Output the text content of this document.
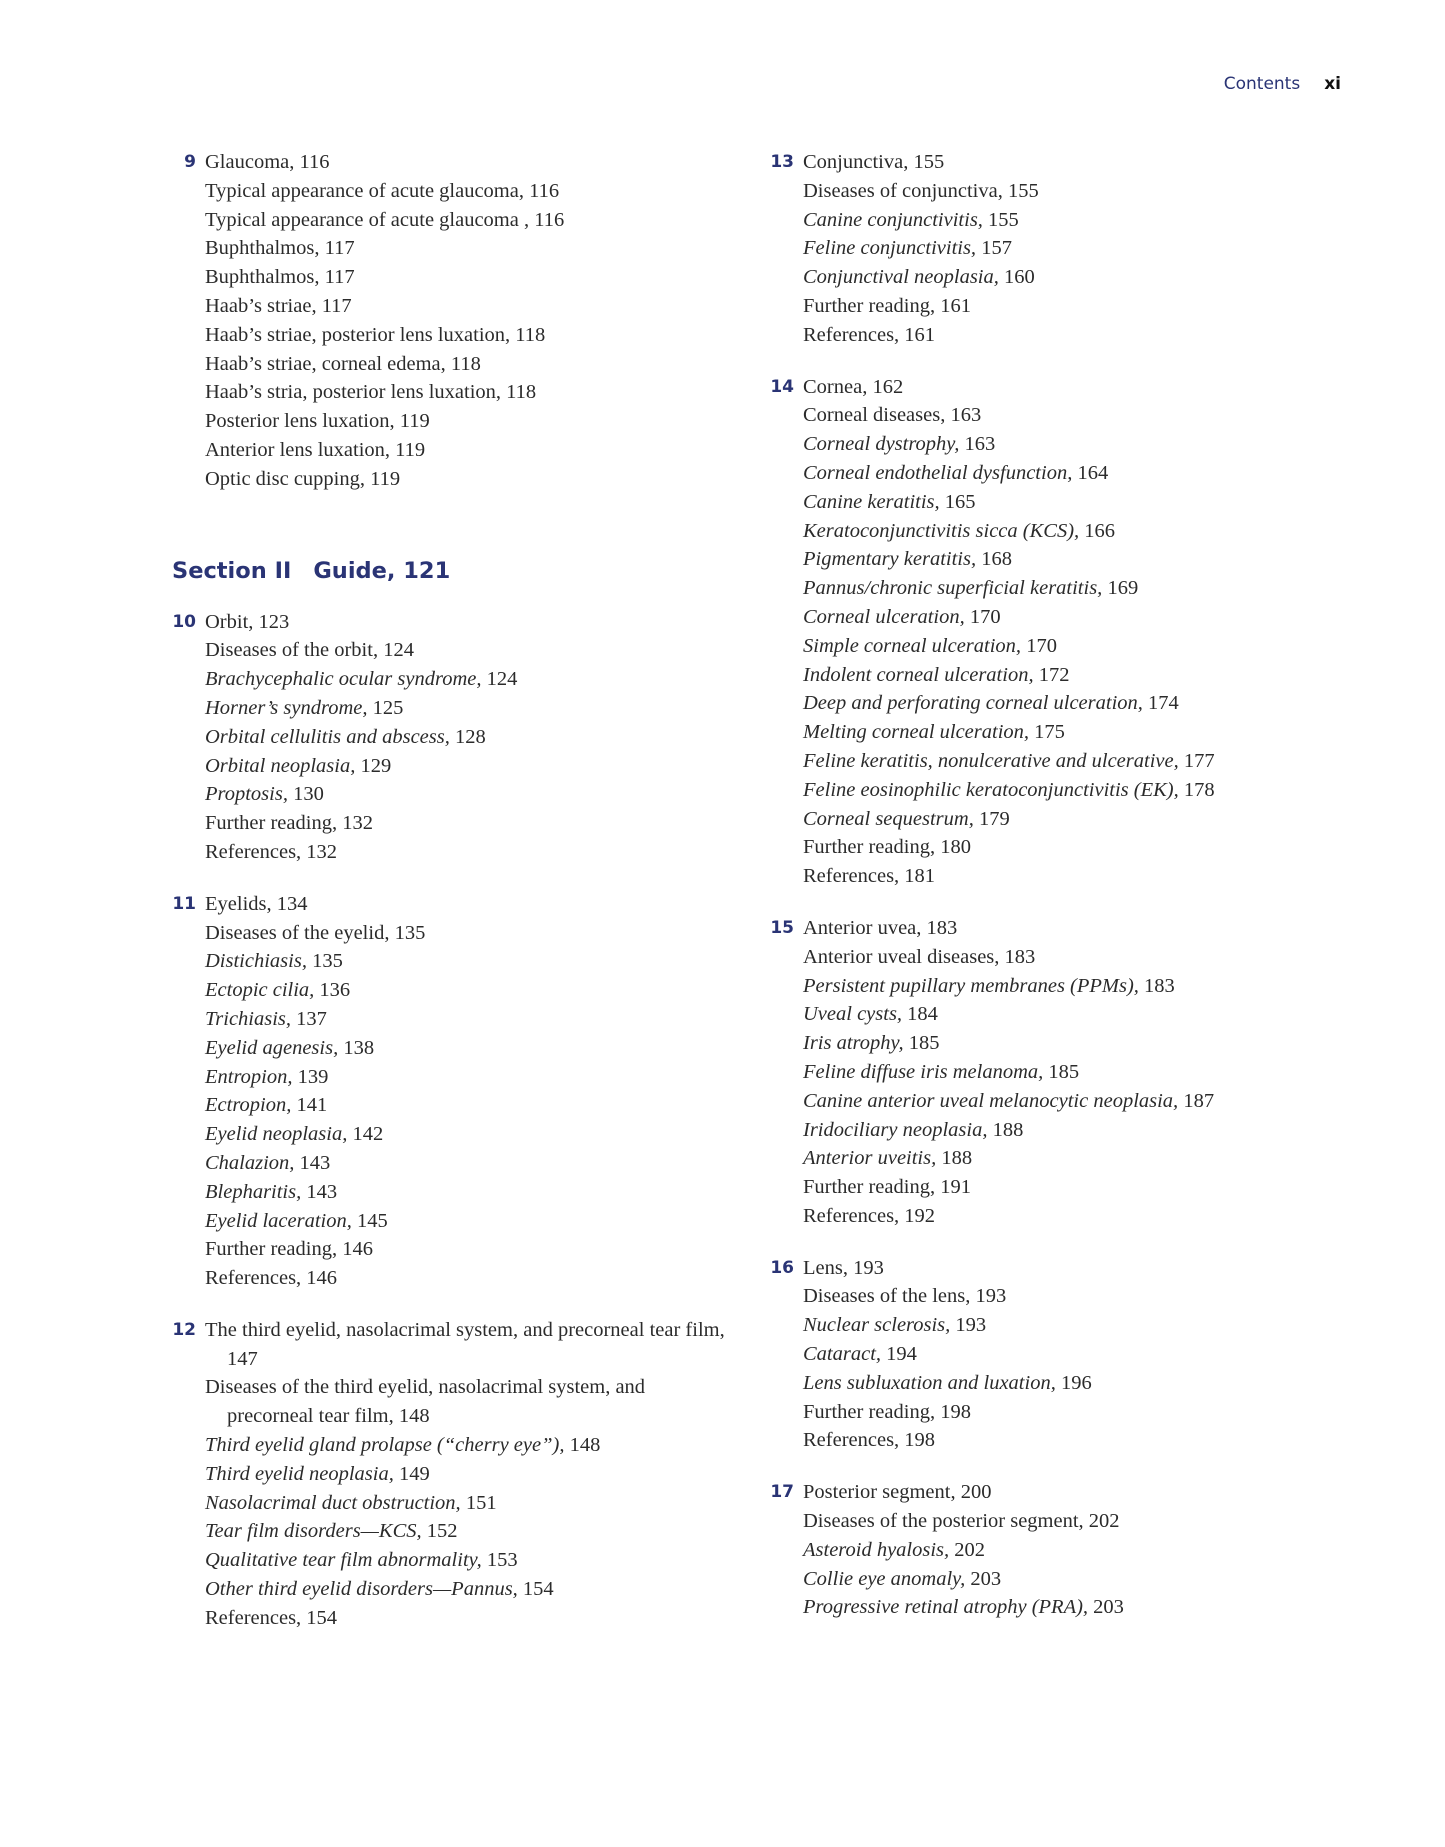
Contents xi
9 Glaucoma, 116
Typical appearance of acute glaucoma, 116
Typical appearance of acute glaucoma , 116
Buphthalmos, 117
Buphthalmos, 117
Haab’s striae, 117
Haab’s striae, posterior lens luxation, 118
Haab’s striae, corneal edema, 118
Haab’s stria, posterior lens luxation, 118
Posterior lens luxation, 119
Anterior lens luxation, 119
Optic disc cupping, 119
Section II Guide, 121
10 Orbit, 123
Diseases of the orbit, 124
Brachycephalic ocular syndrome, 124
Horner’s syndrome, 125
Orbital cellulitis and abscess, 128
Orbital neoplasia, 129
Proptosis, 130
Further reading, 132
References, 132
11 Eyelids, 134
Diseases of the eyelid, 135
Distichiasis, 135
Ectopic cilia, 136
Trichiasis, 137
Eyelid agenesis, 138
Entropion, 139
Ectropion, 141
Eyelid neoplasia, 142
Chalazion, 143
Blepharitis, 143
Eyelid laceration, 145
Further reading, 146
References, 146
12 The third eyelid, nasolacrimal system, and precorneal tear film, 147
Diseases of the third eyelid, nasolacrimal system, and precorneal tear film, 148
Third eyelid gland prolapse (“cherry eye”), 148
Third eyelid neoplasia, 149
Nasolacrimal duct obstruction, 151
Tear film disorders—KCS, 152
Qualitative tear film abnormality, 153
Other third eyelid disorders—Pannus, 154
References, 154
13 Conjunctiva, 155
Diseases of conjunctiva, 155
Canine conjunctivitis, 155
Feline conjunctivitis, 157
Conjunctival neoplasia, 160
Further reading, 161
References, 161
14 Cornea, 162
Corneal diseases, 163
Corneal dystrophy, 163
Corneal endothelial dysfunction, 164
Canine keratitis, 165
Keratoconjunctivitis sicca (KCS), 166
Pigmentary keratitis, 168
Pannus/chronic superficial keratitis, 169
Corneal ulceration, 170
Simple corneal ulceration, 170
Indolent corneal ulceration, 172
Deep and perforating corneal ulceration, 174
Melting corneal ulceration, 175
Feline keratitis, nonulcerative and ulcerative, 177
Feline eosinophilic keratoconjunctivitis (EK), 178
Corneal sequestrum, 179
Further reading, 180
References, 181
15 Anterior uvea, 183
Anterior uveal diseases, 183
Persistent pupillary membranes (PPMs), 183
Uveal cysts, 184
Iris atrophy, 185
Feline diffuse iris melanoma, 185
Canine anterior uveal melanocytic neoplasia, 187
Iridociliary neoplasia, 188
Anterior uveitis, 188
Further reading, 191
References, 192
16 Lens, 193
Diseases of the lens, 193
Nuclear sclerosis, 193
Cataract, 194
Lens subluxation and luxation, 196
Further reading, 198
References, 198
17 Posterior segment, 200
Diseases of the posterior segment, 202
Asteroid hyalosis, 202
Collie eye anomaly, 203
Progressive retinal atrophy (PRA), 203
